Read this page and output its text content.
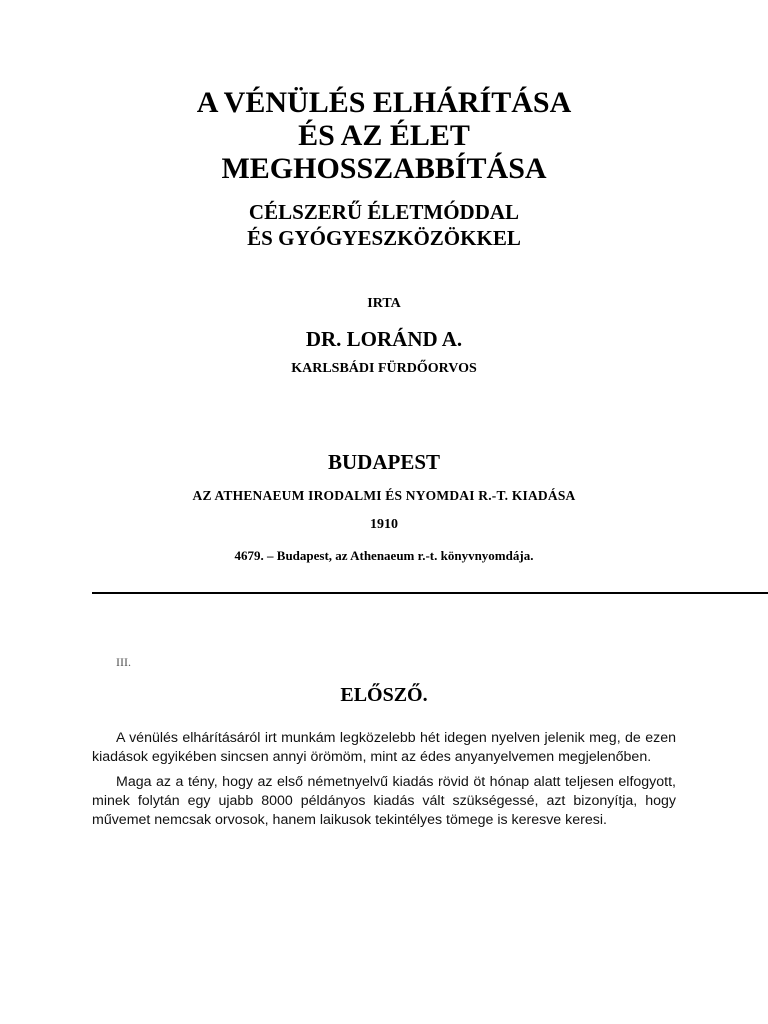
A VÉNÜLÉS ELHÁRÍTÁSA
ÉS AZ ÉLET
MEGHOSSZABBÍTÁSA
CÉLSZERŰ ÉLETMÓDDAL
ÉS GYÓGYESZKÖZÖKKEL
IRTA
DR. LORÁND A.
KARLSBÁDI FÜRDŐORVOS
BUDAPEST
AZ ATHENAEUM IRODALMI ÉS NYOMDAI R.-T. KIADÁSA
1910
4679. – Budapest, az Athenaeum r.-t. könyvnyomdája.
III.
ELŐSZŐ.

A vénülés elhárításáról irt munkám legközelebb hét idegen nyelven jelenik meg, de ezen kiadások egyikében sincsen annyi örömöm, mint az édes anyanyelvemen megjelenőben.

Maga az a tény, hogy az első németnyelvű kiadás rövid öt hónap alatt teljesen elfogyott, minek folytán egy ujabb 8000 példányos kiadás vált szükségessé, azt bizonyítja, hogy művemet nemcsak orvosok, hanem laikusok tekintélyes tömege is keresve keresi.
